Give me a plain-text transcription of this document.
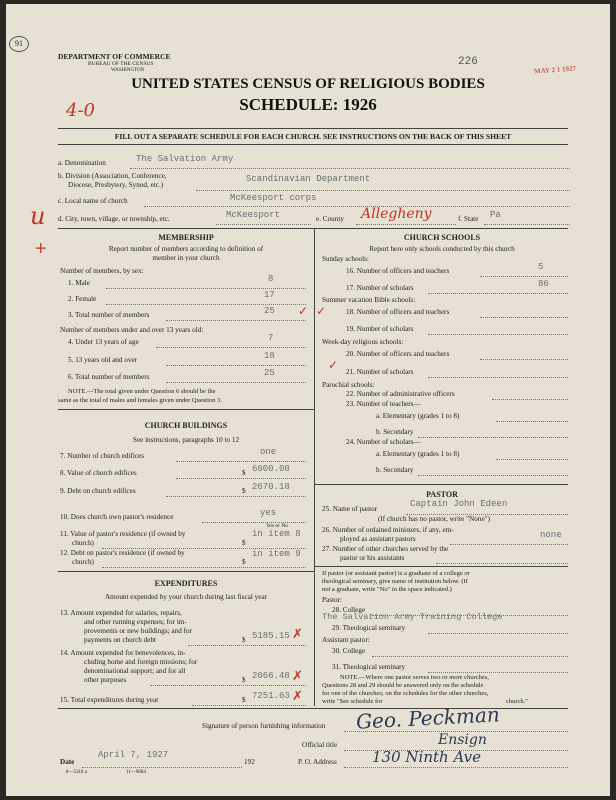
91
DEPARTMENT OF COMMERCE
BUREAU OF THE CENSUS
WASHINGTON
226
MAY 2 1 1927
UNITED STATES CENSUS OF RELIGIOUS BODIES
SCHEDULE: 1926
4-0
FILL OUT A SEPARATE SCHEDULE FOR EACH CHURCH. SEE INSTRUCTIONS ON THE BACK OF THIS SHEET
a. Denomination	The Salvation Army
b. Division (Association, Conference,
Diocese, Presbytery, Synod, etc.)
Scandinavian Department
c. Local name of church	McKeesport corps
u d. City, town, village, or township, etc.	McKeesport	e. County Allegheny	f. State Pa
+
MEMBERSHIP
Report number of members according to definition of
member in your church
Number of members, by sex:
1. Male	8
2. Female	17
3. Total number of members	25 ✓
Number of members under and over 13 years old:
4. Under 13 years of age	7
5. 13 years old and over	18
6. Total number of members	25
NOTE.—The total given under Question 6 should be the
same as the total of males and females given under Question 3.
CHURCH BUILDINGS
See instructions, paragraphs 10 to 12
7. Number of church edifices	one
8. Value of church edifices	$ 6000.00
9. Debt on church edifices	$ 2670.18
10. Does church own pastor's residence	yes
Yes or No
11. Value of pastor's residence (if owned by
church)	$
in item 8
12. Debt on pastor's residence (if owned by
church)	$
in item 9
EXPENDITURES
Amount expended by your church during last fiscal year
13. Amount expended for salaries, repairs,
and other running expenses; for im-
provements or new buildings; and for
payments on church debt	$ 5185.15 ✗
14. Amount expended for benevolences, in-
cluding home and foreign missions; for
denominational support; and for all
other purposes	$ 2066.48 ✗
15. Total expenditures during year	$ 7251.63 ✗
CHURCH SCHOOLS
Report here only schools conducted by this church
Sunday schools:
16. Number of officers and teachers	5
17. Number of scholars	86
Summer vacation Bible schools:
18. Number of officers and teachers
✓
19. Number of scholars
Week-day religious schools:
20. Number of officers and teachers
21. Number of scholars
✓
Parochial schools:
22. Number of administrative officers
23. Number of teachers—
a. Elementary (grades 1 to 8)
b. Secondary
24. Number of scholars—
a. Elementary (grades 1 to 8)
b. Secondary
PASTOR
25. Name of pastor	Captain John Edeen
(If church has no pastor, write "None")
26. Number of ordained ministers, if any, em-
ployed as assistant pastors	none
27. Number of other churches served by the
pastor or his assistants
If pastor (or assistant pastor) is a graduate of a college or
theological seminary, give name of institution below. (If
not a graduate, write "No" in the space indicated.)
Pastor:
28. College
The Salvation Army Training College
29. Theological seminary
Assistant pastor:
30. College
31. Theological seminary
NOTE.—Where one pastor serves two or more churches,
Questions 28 and 29 should be answered only on the schedule
for one of the churches; on the schedules for the other churches,
write "See schedule for	church."
Signature of person furnishing information Geo. Peckman
Official title	Ensign
Date
April 7, 1927
192	P. O. Address 130 Ninth Ave
8—5318 a	11—6684
